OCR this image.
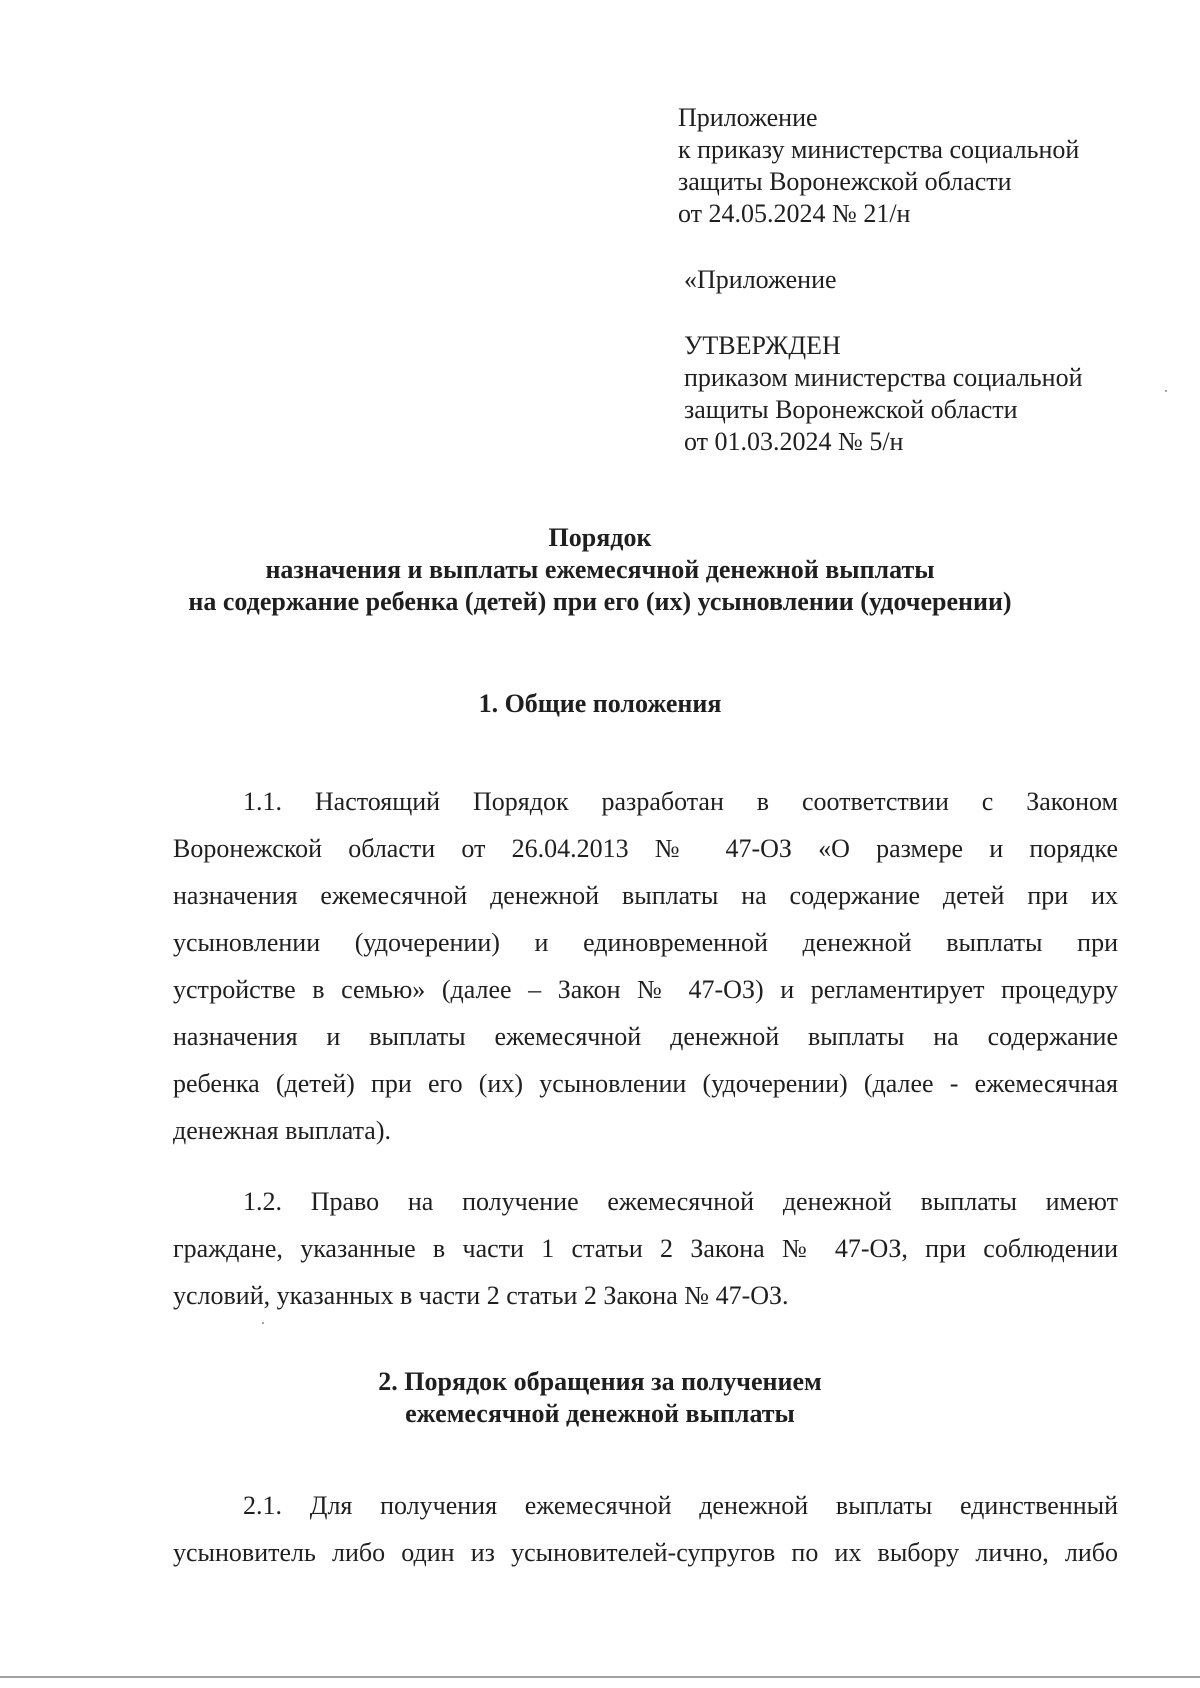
Приложение
к приказу министерства социальной
защиты Воронежской области
от 24.05.2024 № 21/н
«Приложение
УТВЕРЖДЕН
приказом министерства социальной
защиты Воронежской области
от 01.03.2024 № 5/н
Порядок
назначения и выплаты ежемесячной денежной выплаты
на содержание ребенка (детей) при его (их) усыновлении (удочерении)
1. Общие положения
1.1. Настоящий Порядок разработан в соответствии с Законом
Воронежской области от 26.04.2013 № 47-ОЗ «О размере и порядке
назначения ежемесячной денежной выплаты на содержание детей при их
усыновлении (удочерении) и единовременной денежной выплаты при
устройстве в семью» (далее – Закон № 47-ОЗ) и регламентирует процедуру
назначения и выплаты ежемесячной денежной выплаты на содержание
ребенка (детей) при его (их) усыновлении (удочерении) (далее - ежемесячная
денежная выплата).
1.2. Право на получение ежемесячной денежной выплаты имеют
граждане, указанные в части 1 статьи 2 Закона № 47-ОЗ, при соблюдении
условий, указанных в части 2 статьи 2 Закона № 47-ОЗ.
2. Порядок обращения за получением
ежемесячной денежной выплаты
2.1. Для получения ежемесячной денежной выплаты единственный
усыновитель либо один из усыновителей-супругов по их выбору лично, либо
